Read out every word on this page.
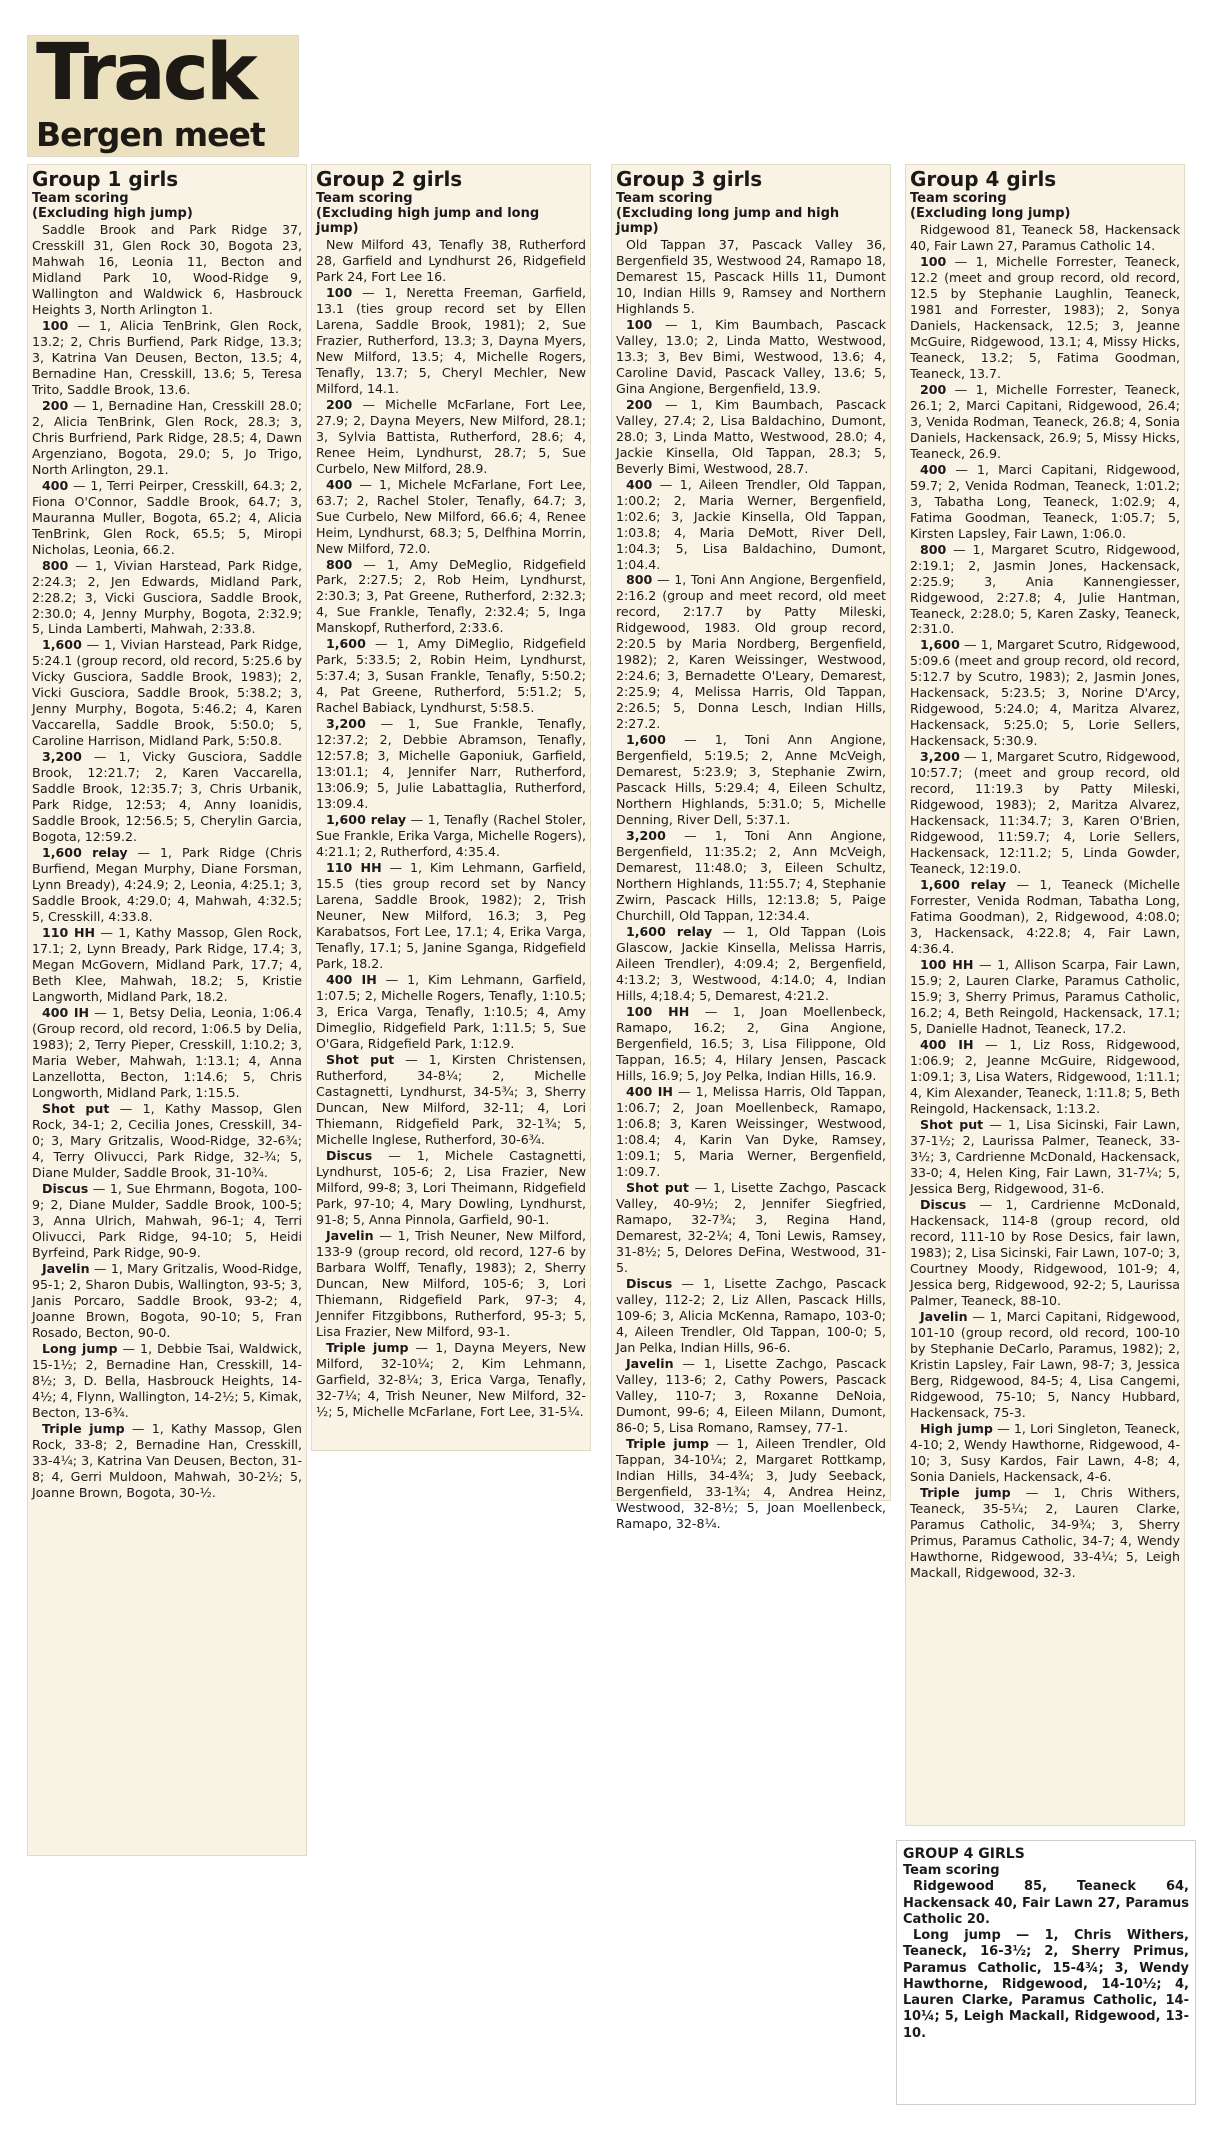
Track
Bergen meet
Group 1 girls
Team scoring
(Excluding high jump)

Saddle Brook and Park Ridge 37, Cresskill 31, Glen Rock 30, Bogota 23, Mahwah 16, Leonia 11, Becton and Midland Park 10, Wood-Ridge 9, Wallington and Waldwick 6, Hasbrouck Heights 3, North Arlington 1.

100 — 1, Alicia TenBrink, Glen Rock, 13.2; 2, Chris Burfiend, Park Ridge, 13.3; 3, Katrina Van Deusen, Becton, 13.5; 4, Bernadine Han, Cresskill, 13.6; 5, Teresa Trito, Saddle Brook, 13.6.

200 — 1, Bernadine Han, Cresskill 28.0; 2, Alicia TenBrink, Glen Rock, 28.3; 3, Chris Burfriend, Park Ridge, 28.5; 4, Dawn Argenziano, Bogota, 29.0; 5, Jo Trigo, North Arlington, 29.1.

400 — 1, Terri Peirper, Cresskill, 64.3; 2, Fiona O'Connor, Saddle Brook, 64.7; 3, Mauranna Muller, Bogota, 65.2; 4, Alicia TenBrink, Glen Rock, 65.5; 5, Miropi Nicholas, Leonia, 66.2.

800 — 1, Vivian Harstead, Park Ridge, 2:24.3; 2, Jen Edwards, Midland Park, 2:28.2; 3, Vicki Gusciora, Saddle Brook, 2:30.0; 4, Jenny Murphy, Bogota, 2:32.9; 5, Linda Lamberti, Mahwah, 2:33.8.

1,600 — 1, Vivian Harstead, Park Ridge, 5:24.1 (group record, old record, 5:25.6 by Vicky Gusciora, Saddle Brook, 1983); 2, Vicki Gusciora, Saddle Brook, 5:38.2; 3, Jenny Murphy, Bogota, 5:46.2; 4, Karen Vaccarella, Saddle Brook, 5:50.0; 5, Caroline Harrison, Midland Park, 5:50.8.

3,200 — 1, Vicky Gusciora, Saddle Brook, 12:21.7; 2, Karen Vaccarella, Saddle Brook, 12:35.7; 3, Chris Urbanik, Park Ridge, 12:53; 4, Anny Ioanidis, Saddle Brook, 12:56.5; 5, Cherylin Garcia, Bogota, 12:59.2.

1,600 relay — 1, Park Ridge (Chris Burfiend, Megan Murphy, Diane Forsman, Lynn Bready), 4:24.9; 2, Leonia, 4:25.1; 3, Saddle Brook, 4:29.0; 4, Mahwah, 4:32.5; 5, Cresskill, 4:33.8.

110 HH — 1, Kathy Massop, Glen Rock, 17.1; 2, Lynn Bready, Park Ridge, 17.4; 3, Megan McGovern, Midland Park, 17.7; 4, Beth Klee, Mahwah, 18.2; 5, Kristie Langworth, Midland Park, 18.2.

400 IH — 1, Betsy Delia, Leonia, 1:06.4 (Group record, old record, 1:06.5 by Delia, 1983); 2, Terry Pieper, Cresskill, 1:10.2; 3, Maria Weber, Mahwah, 1:13.1; 4, Anna Lanzellotta, Becton, 1:14.6; 5, Chris Longworth, Midland Park, 1:15.5.

Shot put — 1, Kathy Massop, Glen Rock, 34-1; 2, Cecilia Jones, Cresskill, 34-0; 3, Mary Gritzalis, Wood-Ridge, 32-6¾; 4, Terry Olivucci, Park Ridge, 32-¾; 5, Diane Mulder, Saddle Brook, 31-10¾.

Discus — 1, Sue Ehrmann, Bogota, 100-9; 2, Diane Mulder, Saddle Brook, 100-5; 3, Anna Ulrich, Mahwah, 96-1; 4, Terri Olivucci, Park Ridge, 94-10; 5, Heidi Byrfeind, Park Ridge, 90-9.

Javelin — 1, Mary Gritzalis, Wood-Ridge, 95-1; 2, Sharon Dubis, Wallington, 93-5; 3, Janis Porcaro, Saddle Brook, 93-2; 4, Joanne Brown, Bogota, 90-10; 5, Fran Rosado, Becton, 90-0.

Long jump — 1, Debbie Tsai, Waldwick, 15-1½; 2, Bernadine Han, Cresskill, 14-8½; 3, D. Bella, Hasbrouck Heights, 14-4½; 4, Flynn, Wallington, 14-2½; 5, Kimak, Becton, 13-6¾.

Triple jump — 1, Kathy Massop, Glen Rock, 33-8; 2, Bernadine Han, Cresskill, 33-4¼; 3, Katrina Van Deusen, Becton, 31-8; 4, Gerri Muldoon, Mahwah, 30-2½; 5, Joanne Brown, Bogota, 30-½.

Group 2 girls
Team scoring
(Excluding high jump and long jump)

New Milford 43, Tenafly 38, Rutherford 28, Garfield and Lyndhurst 26, Ridgefield Park 24, Fort Lee 16.

100 — 1, Neretta Freeman, Garfield, 13.1 (ties group record set by Ellen Larena, Saddle Brook, 1981); 2, Sue Frazier, Rutherford, 13.3; 3, Dayna Myers, New Milford, 13.5; 4, Michelle Rogers, Tenafly, 13.7; 5, Cheryl Mechler, New Milford, 14.1.

200 — Michelle McFarlane, Fort Lee, 27.9; 2, Dayna Meyers, New Milford, 28.1; 3, Sylvia Battista, Rutherford, 28.6; 4, Renee Heim, Lyndhurst, 28.7; 5, Sue Curbelo, New Milford, 28.9.

400 — 1, Michele McFarlane, Fort Lee, 63.7; 2, Rachel Stoler, Tenafly, 64.7; 3, Sue Curbelo, New Milford, 66.6; 4, Renee Heim, Lyndhurst, 68.3; 5, Delfhina Morrin, New Milford, 72.0.

800 — 1, Amy DeMeglio, Ridgefield Park, 2:27.5; 2, Rob Heim, Lyndhurst, 2:30.3; 3, Pat Greene, Rutherford, 2:32.3; 4, Sue Frankle, Tenafly, 2:32.4; 5, Inga Manskopf, Rutherford, 2:33.6.

1,600 — 1, Amy DiMeglio, Ridgefield Park, 5:33.5; 2, Robin Heim, Lyndhurst, 5:37.4; 3, Susan Frankle, Tenafly, 5:50.2; 4, Pat Greene, Rutherford, 5:51.2; 5, Rachel Babiack, Lyndhurst, 5:58.5.

3,200 — 1, Sue Frankle, Tenafly, 12:37.2; 2, Debbie Abramson, Tenafly, 12:57.8; 3, Michelle Gaponiuk, Garfield, 13:01.1; 4, Jennifer Narr, Rutherford, 13:06.9; 5, Julie Labattaglia, Rutherford, 13:09.4.

1,600 relay — 1, Tenafly (Rachel Stoler, Sue Frankle, Erika Varga, Michelle Rogers), 4:21.1; 2, Rutherford, 4:35.4.

110 HH — 1, Kim Lehmann, Garfield, 15.5 (ties group record set by Nancy Larena, Saddle Brook, 1982); 2, Trish Neuner, New Milford, 16.3; 3, Peg Karabatsos, Fort Lee, 17.1; 4, Erika Varga, Tenafly, 17.1; 5, Janine Sganga, Ridgefield Park, 18.2.

400 IH — 1, Kim Lehmann, Garfield, 1:07.5; 2, Michelle Rogers, Tenafly, 1:10.5; 3, Erica Varga, Tenafly, 1:10.5; 4, Amy Dimeglio, Ridgefield Park, 1:11.5; 5, Sue O'Gara, Ridgefield Park, 1:12.9.

Shot put — 1, Kirsten Christensen, Rutherford, 34-8¼; 2, Michelle Castagnetti, Lyndhurst, 34-5¾; 3, Sherry Duncan, New Milford, 32-11; 4, Lori Thiemann, Ridgefield Park, 32-1¾; 5, Michelle Inglese, Rutherford, 30-6¾.

Discus — 1, Michele Castagnetti, Lyndhurst, 105-6; 2, Lisa Frazier, New Milford, 99-8; 3, Lori Theimann, Ridgefield Park, 97-10; 4, Mary Dowling, Lyndhurst, 91-8; 5, Anna Pinnola, Garfield, 90-1.

Javelin — 1, Trish Neuner, New Milford, 133-9 (group record, old record, 127-6 by Barbara Wolff, Tenafly, 1983); 2, Sherry Duncan, New Milford, 105-6; 3, Lori Thiemann, Ridgefield Park, 97-3; 4, Jennifer Fitzgibbons, Rutherford, 95-3; 5, Lisa Frazier, New Milford, 93-1.

Triple jump — 1, Dayna Meyers, New Milford, 32-10¼; 2, Kim Lehmann, Garfield, 32-8¼; 3, Erica Varga, Tenafly, 32-7¼; 4, Trish Neuner, New Milford, 32-½; 5, Michelle McFarlane, Fort Lee, 31-5¼.

Group 3 girls
Team scoring
(Excluding long jump and high jump)

Old Tappan 37, Pascack Valley 36, Bergenfield 35, Westwood 24, Ramapo 18, Demarest 15, Pascack Hills 11, Dumont 10, Indian Hills 9, Ramsey and Northern Highlands 5.

100 — 1, Kim Baumbach, Pascack Valley, 13.0; 2, Linda Matto, Westwood, 13.3; 3, Bev Bimi, Westwood, 13.6; 4, Caroline David, Pascack Valley, 13.6; 5, Gina Angione, Bergenfield, 13.9.

200 — 1, Kim Baumbach, Pascack Valley, 27.4; 2, Lisa Baldachino, Dumont, 28.0; 3, Linda Matto, Westwood, 28.0; 4, Jackie Kinsella, Old Tappan, 28.3; 5, Beverly Bimi, Westwood, 28.7.

400 — 1, Aileen Trendler, Old Tappan, 1:00.2; 2, Maria Werner, Bergenfield, 1:02.6; 3, Jackie Kinsella, Old Tappan, 1:03.8; 4, Maria DeMott, River Dell, 1:04.3; 5, Lisa Baldachino, Dumont, 1:04.4.

800 — 1, Toni Ann Angione, Bergenfield, 2:16.2 (group and meet record, old meet record, 2:17.7 by Patty Mileski, Ridgewood, 1983. Old group record, 2:20.5 by Maria Nordberg, Bergenfield, 1982); 2, Karen Weissinger, Westwood, 2:24.6; 3, Bernadette O'Leary, Demarest, 2:25.9; 4, Melissa Harris, Old Tappan, 2:26.5; 5, Donna Lesch, Indian Hills, 2:27.2.

1,600 — 1, Toni Ann Angione, Bergenfield, 5:19.5; 2, Anne McVeigh, Demarest, 5:23.9; 3, Stephanie Zwirn, Pascack Hills, 5:29.4; 4, Eileen Schultz, Northern Highlands, 5:31.0; 5, Michelle Denning, River Dell, 5:37.1.

3,200 — 1, Toni Ann Angione, Bergenfield, 11:35.2; 2, Ann McVeigh, Demarest, 11:48.0; 3, Eileen Schultz, Northern Highlands, 11:55.7; 4, Stephanie Zwirn, Pascack Hills, 12:13.8; 5, Paige Churchill, Old Tappan, 12:34.4.

1,600 relay — 1, Old Tappan (Lois Glascow, Jackie Kinsella, Melissa Harris, Aileen Trendler), 4:09.4; 2, Bergenfield, 4:13.2; 3, Westwood, 4:14.0; 4, Indian Hills, 4;18.4; 5, Demarest, 4:21.2.

100 HH — 1, Joan Moellenbeck, Ramapo, 16.2; 2, Gina Angione, Bergenfield, 16.5; 3, Lisa Filippone, Old Tappan, 16.5; 4, Hilary Jensen, Pascack Hills, 16.9; 5, Joy Pelka, Indian Hills, 16.9.

400 IH — 1, Melissa Harris, Old Tappan, 1:06.7; 2, Joan Moellenbeck, Ramapo, 1:06.8; 3, Karen Weissinger, Westwood, 1:08.4; 4, Karin Van Dyke, Ramsey, 1:09.1; 5, Maria Werner, Bergenfield, 1:09.7.

Shot put — 1, Lisette Zachgo, Pascack Valley, 40-9½; 2, Jennifer Siegfried, Ramapo, 32-7¾; 3, Regina Hand, Demarest, 32-2¼; 4, Toni Lewis, Ramsey, 31-8½; 5, Delores DeFina, Westwood, 31-5.

Discus — 1, Lisette Zachgo, Pascack valley, 112-2; 2, Liz Allen, Pascack Hills, 109-6; 3, Alicia McKenna, Ramapo, 103-0; 4, Aileen Trendler, Old Tappan, 100-0; 5, Jan Pelka, Indian Hills, 96-6.

Javelin — 1, Lisette Zachgo, Pascack Valley, 113-6; 2, Cathy Powers, Pascack Valley, 110-7; 3, Roxanne DeNoia, Dumont, 99-6; 4, Eileen Milann, Dumont, 86-0; 5, Lisa Romano, Ramsey, 77-1.

Triple jump — 1, Aileen Trendler, Old Tappan, 34-10¼; 2, Margaret Rottkamp, Indian Hills, 34-4¾; 3, Judy Seeback, Bergenfield, 33-1¾; 4, Andrea Heinz, Westwood, 32-8½; 5, Joan Moellenbeck, Ramapo, 32-8¼.

Group 4 girls
Team scoring
(Excluding long jump)

Ridgewood 81, Teaneck 58, Hackensack 40, Fair Lawn 27, Paramus Catholic 14.

100 — 1, Michelle Forrester, Teaneck, 12.2 (meet and group record, old record, 12.5 by Stephanie Laughlin, Teaneck, 1981 and Forrester, 1983); 2, Sonya Daniels, Hackensack, 12.5; 3, Jeanne McGuire, Ridgewood, 13.1; 4, Missy Hicks, Teaneck, 13.2; 5, Fatima Goodman, Teaneck, 13.7.

200 — 1, Michelle Forrester, Teaneck, 26.1; 2, Marci Capitani, Ridgewood, 26.4; 3, Venida Rodman, Teaneck, 26.8; 4, Sonia Daniels, Hackensack, 26.9; 5, Missy Hicks, Teaneck, 26.9.

400 — 1, Marci Capitani, Ridgewood, 59.7; 2, Venida Rodman, Teaneck, 1:01.2; 3, Tabatha Long, Teaneck, 1:02.9; 4, Fatima Goodman, Teaneck, 1:05.7; 5, Kirsten Lapsley, Fair Lawn, 1:06.0.

800 — 1, Margaret Scutro, Ridgewood, 2:19.1; 2, Jasmin Jones, Hackensack, 2:25.9; 3, Ania Kannengiesser, Ridgewood, 2:27.8; 4, Julie Hantman, Teaneck, 2:28.0; 5, Karen Zasky, Teaneck, 2:31.0.

1,600 — 1, Margaret Scutro, Ridgewood, 5:09.6 (meet and group record, old record, 5:12.7 by Scutro, 1983); 2, Jasmin Jones, Hackensack, 5:23.5; 3, Norine D'Arcy, Ridgewood, 5:24.0; 4, Maritza Alvarez, Hackensack, 5:25.0; 5, Lorie Sellers, Hackensack, 5:30.9.

3,200 — 1, Margaret Scutro, Ridgewood, 10:57.7; (meet and group record, old record, 11:19.3 by Patty Mileski, Ridgewood, 1983); 2, Maritza Alvarez, Hackensack, 11:34.7; 3, Karen O'Brien, Ridgewood, 11:59.7; 4, Lorie Sellers, Hackensack, 12:11.2; 5, Linda Gowder, Teaneck, 12:19.0.

1,600 relay — 1, Teaneck (Michelle Forrester, Venida Rodman, Tabatha Long, Fatima Goodman), 2, Ridgewood, 4:08.0; 3, Hackensack, 4:22.8; 4, Fair Lawn, 4:36.4.

100 HH — 1, Allison Scarpa, Fair Lawn, 15.9; 2, Lauren Clarke, Paramus Catholic, 15.9; 3, Sherry Primus, Paramus Catholic, 16.2; 4, Beth Reingold, Hackensack, 17.1; 5, Danielle Hadnot, Teaneck, 17.2.

400 IH — 1, Liz Ross, Ridgewood, 1:06.9; 2, Jeanne McGuire, Ridgewood, 1:09.1; 3, Lisa Waters, Ridgewood, 1:11.1; 4, Kim Alexander, Teaneck, 1:11.8; 5, Beth Reingold, Hackensack, 1:13.2.

Shot put — 1, Lisa Sicinski, Fair Lawn, 37-1½; 2, Laurissa Palmer, Teaneck, 33-3½; 3, Cardrienne McDonald, Hackensack, 33-0; 4, Helen King, Fair Lawn, 31-7¼; 5, Jessica Berg, Ridgewood, 31-6.

Discus — 1, Cardrienne McDonald, Hackensack, 114-8 (group record, old record, 111-10 by Rose Desics, fair lawn, 1983); 2, Lisa Sicinski, Fair Lawn, 107-0; 3, Courtney Moody, Ridgewood, 101-9; 4, Jessica berg, Ridgewood, 92-2; 5, Laurissa Palmer, Teaneck, 88-10.

Javelin — 1, Marci Capitani, Ridgewood, 101-10 (group record, old record, 100-10 by Stephanie DeCarlo, Paramus, 1982); 2, Kristin Lapsley, Fair Lawn, 98-7; 3, Jessica Berg, Ridgewood, 84-5; 4, Lisa Cangemi, Ridgewood, 75-10; 5, Nancy Hubbard, Hackensack, 75-3.

High jump — 1, Lori Singleton, Teaneck, 4-10; 2, Wendy Hawthorne, Ridgewood, 4-10; 3, Susy Kardos, Fair Lawn, 4-8; 4, Sonia Daniels, Hackensack, 4-6.

Triple jump — 1, Chris Withers, Teaneck, 35-5¼; 2, Lauren Clarke, Paramus Catholic, 34-9¾; 3, Sherry Primus, Paramus Catholic, 34-7; 4, Wendy Hawthorne, Ridgewood, 33-4¼; 5, Leigh Mackall, Ridgewood, 32-3.

GROUP 4 GIRLS
Team scoring

Ridgewood 85, Teaneck 64, Hackensack 40, Fair Lawn 27, Paramus Catholic 20.

Long jump — 1, Chris Withers, Teaneck, 16-3½; 2, Sherry Primus, Paramus Catholic, 15-4¾; 3, Wendy Hawthorne, Ridgewood, 14-10½; 4, Lauren Clarke, Paramus Catholic, 14-10¼; 5, Leigh Mackall, Ridgewood, 13-10.
